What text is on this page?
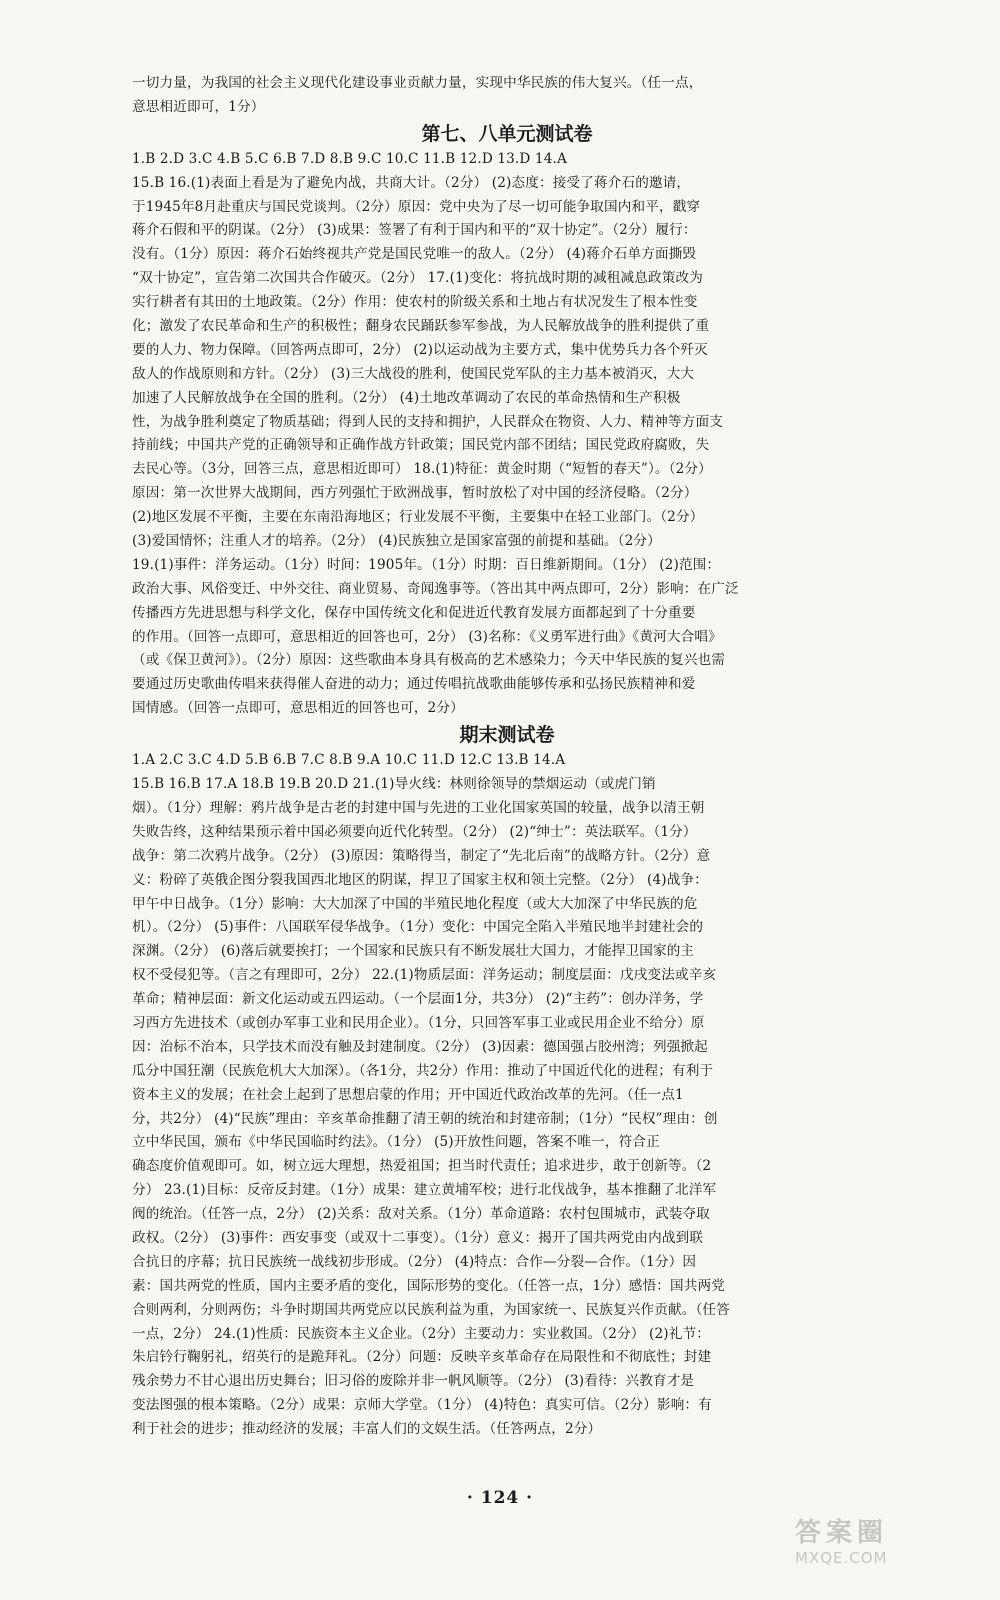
一切力量，为我国的社会主义现代化建设事业贡献力量，实现中华民族的伟大复兴。（任一点，

意思相近即可，1分）

第七、八单元测试卷

1.B 2.D 3.C 4.B 5.C 6.B 7.D 8.B 9.C 10.C 11.B 12.D 13.D 14.A

15.B 16.(1)表面上看是为了避免内战，共商大计。（2分） (2)态度：接受了蒋介石的邀请，

于1945年8月赴重庆与国民党谈判。（2分）原因：党中央为了尽一切可能争取国内和平，戳穿

蒋介石假和平的阴谋。（2分） (3)成果：签署了有利于国内和平的“双十协定”。（2分）履行：

没有。（1分）原因：蒋介石始终视共产党是国民党唯一的敌人。（2分） (4)蒋介石单方面撕毁

“双十协定”，宣告第二次国共合作破灭。（2分） 17.(1)变化：将抗战时期的减租减息政策改为

实行耕者有其田的土地政策。（2分）作用：使农村的阶级关系和土地占有状况发生了根本性变

化；激发了农民革命和生产的积极性；翻身农民踊跃参军参战，为人民解放战争的胜利提供了重

要的人力、物力保障。（回答两点即可，2分） (2)以运动战为主要方式，集中优势兵力各个歼灭

敌人的作战原则和方针。（2分） (3)三大战役的胜利，使国民党军队的主力基本被消灭，大大

加速了人民解放战争在全国的胜利。（2分） (4)土地改革调动了农民的革命热情和生产积极

性，为战争胜利奠定了物质基础；得到人民的支持和拥护，人民群众在物资、人力、精神等方面支

持前线；中国共产党的正确领导和正确作战方针政策；国民党内部不团结；国民党政府腐败，失

去民心等。（3分，回答三点，意思相近即可） 18.(1)特征：黄金时期（“短暂的春天”）。（2分）

原因：第一次世界大战期间，西方列强忙于欧洲战事，暂时放松了对中国的经济侵略。（2分）

(2)地区发展不平衡，主要在东南沿海地区；行业发展不平衡，主要集中在轻工业部门。（2分）

(3)爱国情怀；注重人才的培养。（2分） (4)民族独立是国家富强的前提和基础。（2分）

19.(1)事件：洋务运动。（1分）时间：1905年。（1分）时期：百日维新期间。（1分） (2)范围：

政治大事、风俗变迁、中外交往、商业贸易、奇闻逸事等。（答出其中两点即可，2分）影响：在广泛

传播西方先进思想与科学文化，保存中国传统文化和促进近代教育发展方面都起到了十分重要

的作用。（回答一点即可，意思相近的回答也可，2分） (3)名称：《义勇军进行曲》《黄河大合唱》

（或《保卫黄河》）。（2分）原因：这些歌曲本身具有极高的艺术感染力；今天中华民族的复兴也需

要通过历史歌曲传唱来获得催人奋进的动力；通过传唱抗战歌曲能够传承和弘扬民族精神和爱

国情感。（回答一点即可，意思相近的回答也可，2分）

期末测试卷

1.A 2.C 3.C 4.D 5.B 6.B 7.C 8.B 9.A 10.C 11.D 12.C 13.B 14.A

15.B 16.B 17.A 18.B 19.B 20.D 21.(1)导火线：林则徐领导的禁烟运动（或虎门销

烟）。（1分）理解：鸦片战争是古老的封建中国与先进的工业化国家英国的较量，战争以清王朝

失败告终，这种结果预示着中国必须要向近代化转型。（2分） (2)“绅士”：英法联军。（1分）

战争：第二次鸦片战争。（2分） (3)原因：策略得当，制定了“先北后南”的战略方针。（2分）意

义：粉碎了英俄企图分裂我国西北地区的阴谋，捍卫了国家主权和领土完整。（2分） (4)战争：

甲午中日战争。（1分）影响：大大加深了中国的半殖民地化程度（或大大加深了中华民族的危

机）。（2分） (5)事件：八国联军侵华战争。（1分）变化：中国完全陷入半殖民地半封建社会的

深渊。（2分） (6)落后就要挨打；一个国家和民族只有不断发展壮大国力，才能捍卫国家的主

权不受侵犯等。（言之有理即可，2分） 22.(1)物质层面：洋务运动；制度层面：戊戌变法或辛亥

革命；精神层面：新文化运动或五四运动。（一个层面1分，共3分） (2)“主药”：创办洋务，学

习西方先进技术（或创办军事工业和民用企业）。（1分，只回答军事工业或民用企业不给分）原

因：治标不治本，只学技术而没有触及封建制度。（2分） (3)因素：德国强占胶州湾；列强掀起

瓜分中国狂潮（民族危机大大加深）。（各1分，共2分）作用：推动了中国近代化的进程；有利于

资本主义的发展；在社会上起到了思想启蒙的作用；开中国近代政治改革的先河。（任一点1

分，共2分） (4)“民族”理由：辛亥革命推翻了清王朝的统治和封建帝制；（1分）“民权”理由：创

立中华民国，颁布《中华民国临时约法》。（1分） (5)开放性问题，答案不唯一，符合正

确态度价值观即可。如，树立远大理想，热爱祖国；担当时代责任；追求进步，敢于创新等。（2

分） 23.(1)目标：反帝反封建。（1分）成果：建立黄埔军校；进行北伐战争，基本推翻了北洋军

阀的统治。（任答一点，2分） (2)关系：敌对关系。（1分）革命道路：农村包围城市，武装夺取

政权。（2分） (3)事件：西安事变（或双十二事变）。（1分）意义：揭开了国共两党由内战到联

合抗日的序幕；抗日民族统一战线初步形成。（2分） (4)特点：合作—分裂—合作。（1分）因

素：国共两党的性质，国内主要矛盾的变化，国际形势的变化。（任答一点，1分）感悟：国共两党

合则两利，分则两伤；斗争时期国共两党应以民族利益为重，为国家统一、民族复兴作贡献。（任答

一点，2分） 24.(1)性质：民族资本主义企业。（2分）主要动力：实业救国。（2分） (2)礼节：

朱启钤行鞠躬礼，绍英行的是跪拜礼。（2分）问题：反映辛亥革命存在局限性和不彻底性；封建

残余势力不甘心退出历史舞台；旧习俗的废除并非一帆风顺等。（2分） (3)看待：兴教育才是

变法图强的根本策略。（2分）成果：京师大学堂。（1分） (4)特色：真实可信。（2分）影响：有

利于社会的进步；推动经济的发展；丰富人们的文娱生活。（任答两点，2分）

· 124 ·
答案圈
MXQE.COM
